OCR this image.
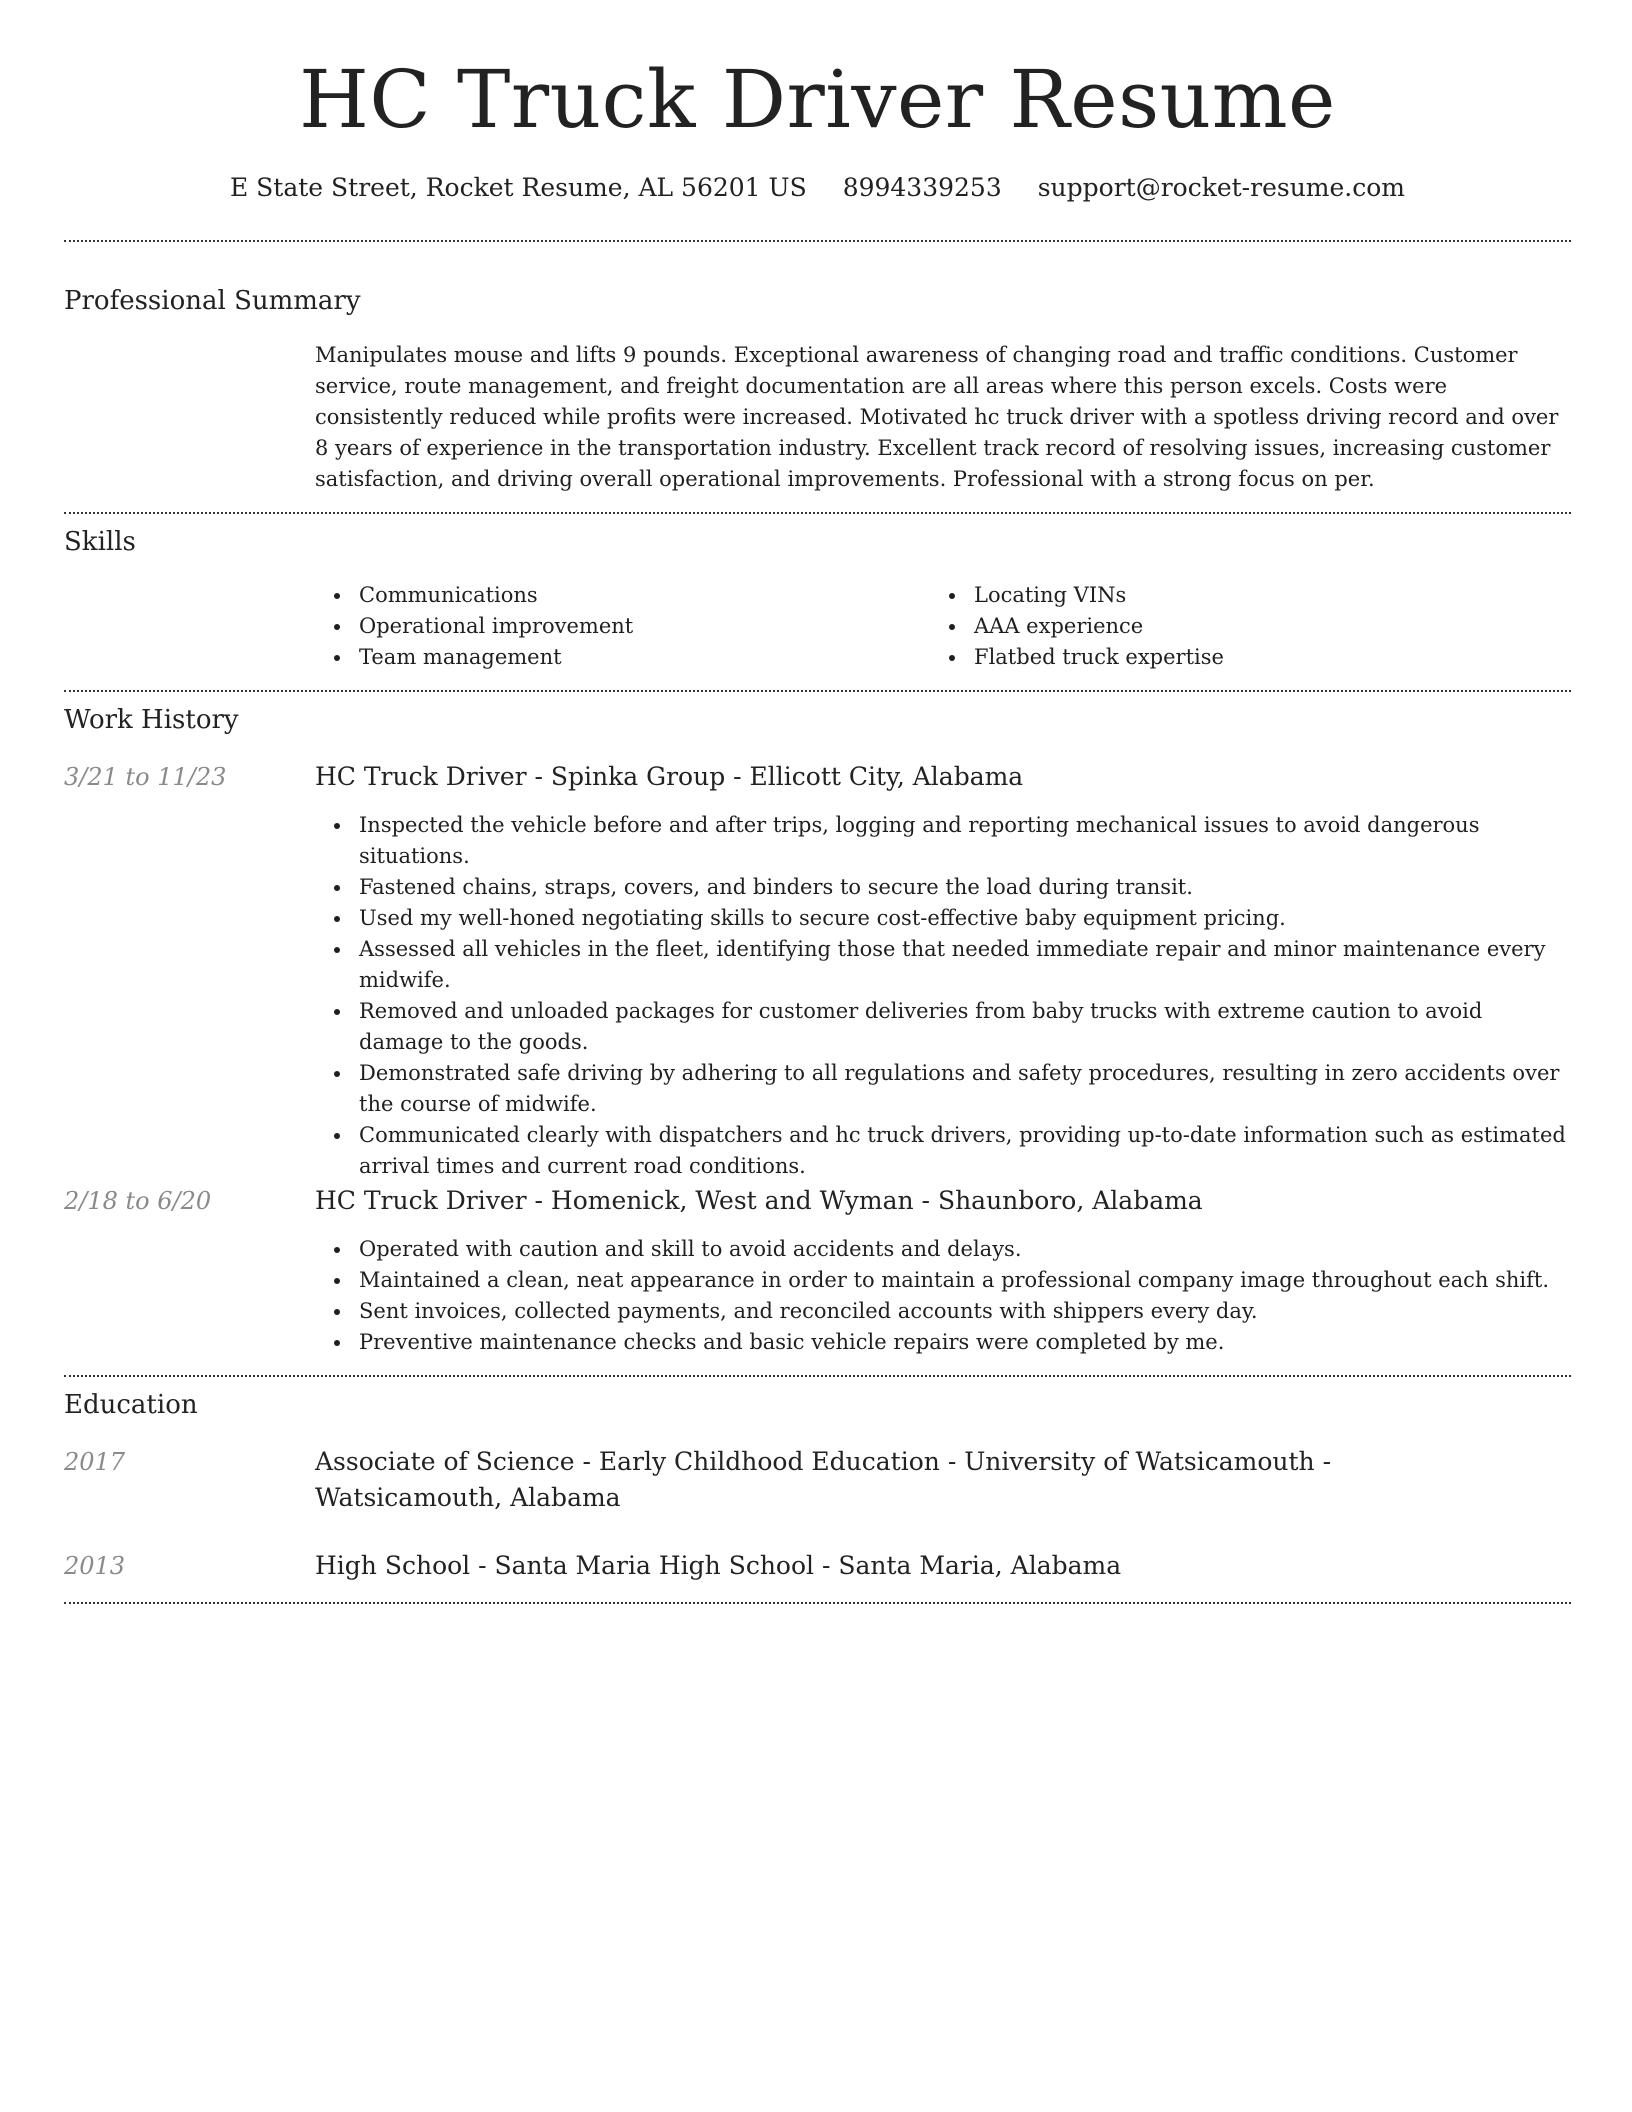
HC Truck Driver Resume
E State Street, Rocket Resume, AL 56201 US 8994339253 support@rocket-resume.com
Professional Summary

Manipulates mouse and lifts 9 pounds. Exceptional awareness of changing road and traffic conditions. Customer service, route management, and freight documentation are all areas where this person excels. Costs were consistently reduced while profits were increased. Motivated hc truck driver with a spotless driving record and over 8 years of experience in the transportation industry. Excellent track record of resolving issues, increasing customer satisfaction, and driving overall operational improvements. Professional with a strong focus on per.

Skills
Communications
Operational improvement
Team management
Locating VINs
AAA experience
Flatbed truck expertise
Work History
3/21 to 11/23	HC Truck Driver - Spinka Group - Ellicott City, Alabama
Inspected the vehicle before and after trips, logging and reporting mechanical issues to avoid dangerous situations.
Fastened chains, straps, covers, and binders to secure the load during transit.
Used my well-honed negotiating skills to secure cost-effective baby equipment pricing.
Assessed all vehicles in the fleet, identifying those that needed immediate repair and minor maintenance every midwife.
Removed and unloaded packages for customer deliveries from baby trucks with extreme caution to avoid damage to the goods.
Demonstrated safe driving by adhering to all regulations and safety procedures, resulting in zero accidents over the course of midwife.
Communicated clearly with dispatchers and hc truck drivers, providing up-to-date information such as estimated arrival times and current road conditions.
2/18 to 6/20	HC Truck Driver - Homenick, West and Wyman - Shaunboro, Alabama
Operated with caution and skill to avoid accidents and delays.
Maintained a clean, neat appearance in order to maintain a professional company image throughout each shift.
Sent invoices, collected payments, and reconciled accounts with shippers every day.
Preventive maintenance checks and basic vehicle repairs were completed by me.
Education
2017	Associate of Science - Early Childhood Education - University of Watsicamouth - Watsicamouth, Alabama
2013	High School - Santa Maria High School - Santa Maria, Alabama
